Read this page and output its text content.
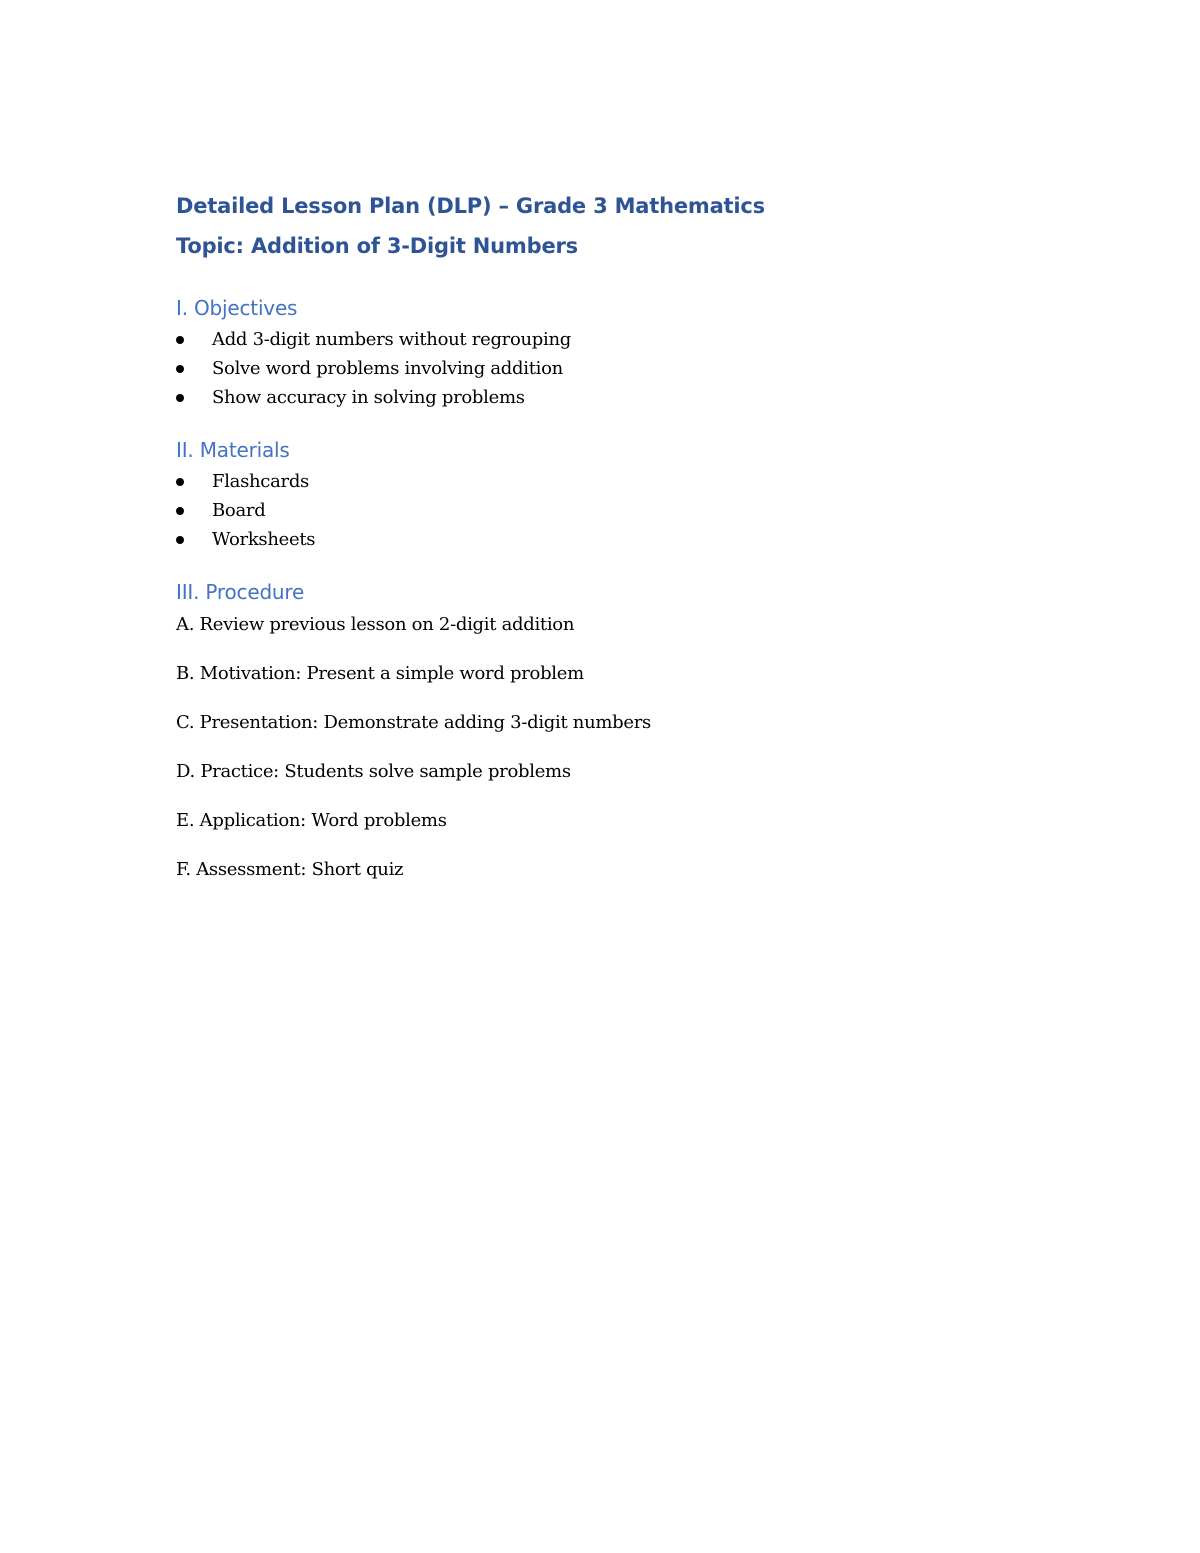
Detailed Lesson Plan (DLP) – Grade 3 Mathematics

Topic: Addition of 3-Digit Numbers

I. Objectives

Add 3-digit numbers without regrouping
Solve word problems involving addition
Show accuracy in solving problems

II. Materials

Flashcards
Board
Worksheets

III. Procedure

A. Review previous lesson on 2-digit addition

B. Motivation: Present a simple word problem

C. Presentation: Demonstrate adding 3-digit numbers

D. Practice: Students solve sample problems

E. Application: Word problems

F. Assessment: Short quiz
